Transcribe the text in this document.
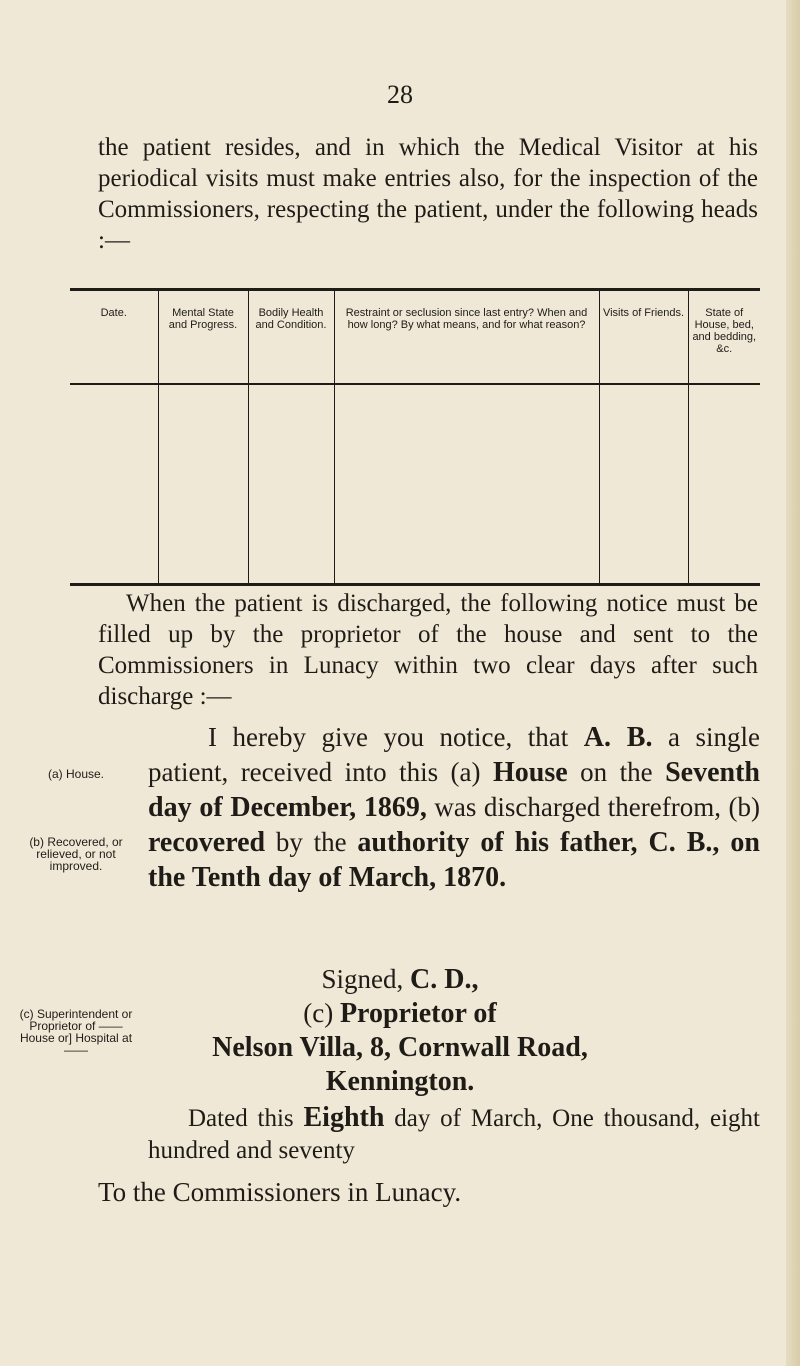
28

the patient resides, and in which the Medical Visitor at his periodical visits must make entries also, for the inspection of the Commissioners, respecting the patient, under the following heads :—

Date.	Mental State and Progress.	Bodily Health and Condition.	Restraint or seclusion since last entry? When and how long? By what means, and for what reason?	Visits of Friends.	State of House, bed, and bedding, &c.

When the patient is discharged, the following notice must be filled up by the proprietor of the house and sent to the Commissioners in Lunacy within two clear days after such discharge :—

(a) House.
(b) Recovered, or relieved, or not improved.
(c) Superintendent or Proprietor of —— House or] Hospital at ——

I hereby give you notice, that A. B. a single patient, received into this (a) House on the Seventh day of December, 1869, was discharged therefrom, (b) recovered by the authority of his father, C. B., on the Tenth day of March, 1870.

Signed, C. D.,
(c) Proprietor of
Nelson Villa, 8, Cornwall Road,
Kennington.

Dated this Eighth day of March, One thousand, eight hundred and seventy

To the Commissioners in Lunacy.
